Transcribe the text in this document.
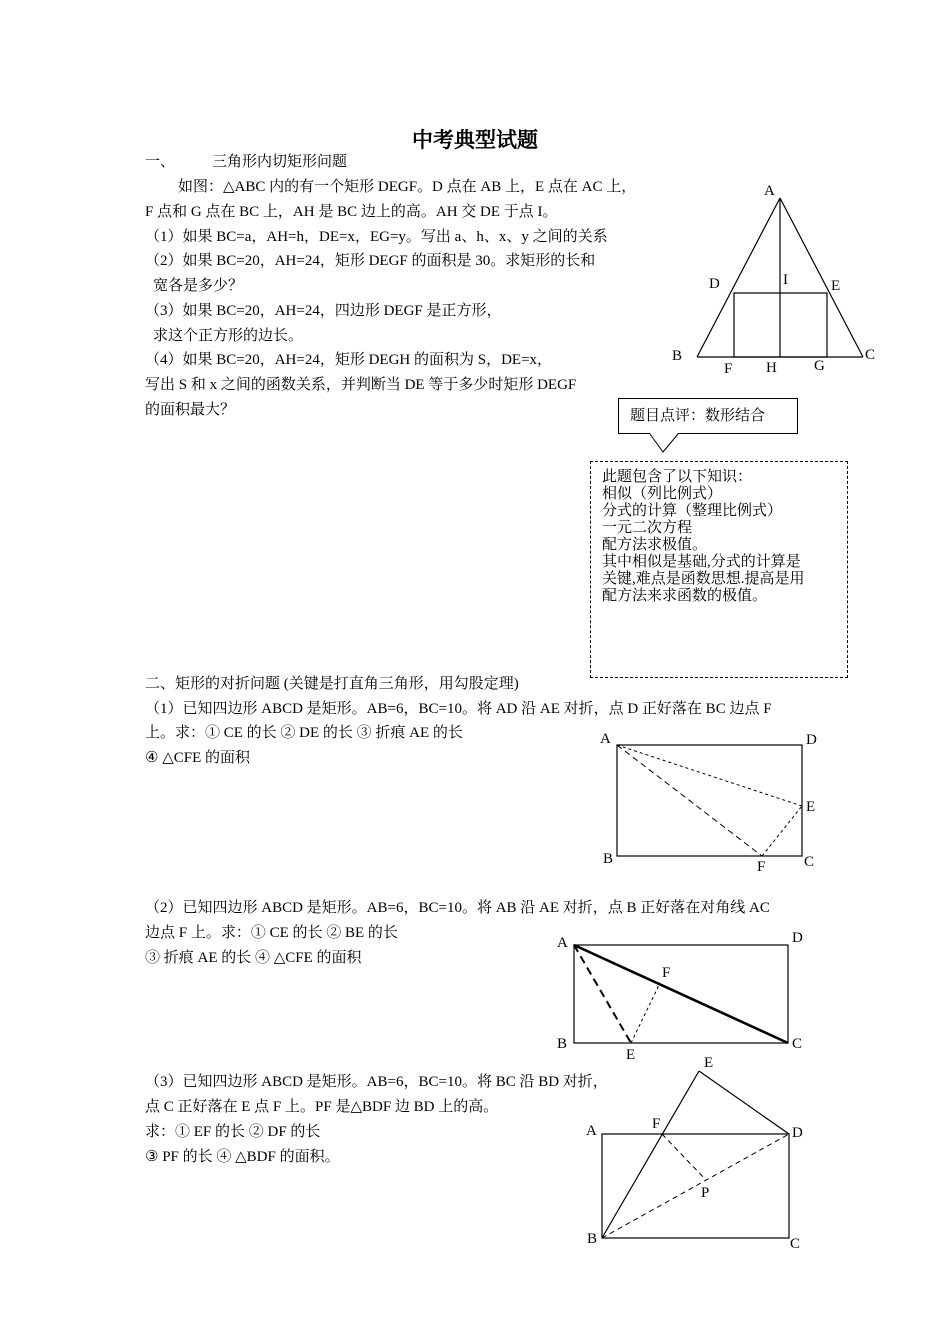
中考典型试题
一、 三角形内切矩形问题
如图：△ABC 内的有一个矩形 DEGF。D 点在 AB 上，E 点在 AC 上，
F 点和 G 点在 BC 上，AH 是 BC 边上的高。AH 交 DE 于点 I。
（1）如果 BC=a，AH=h，DE=x，EG=y。写出 a、h、x、y 之间的关系
（2）如果 BC=20，AH=24，矩形 DEGF 的面积是 30。求矩形的长和
宽各是多少？
（3）如果 BC=20，AH=24，四边形 DEGF 是正方形，
求这个正方形的边长。
（4）如果 BC=20，AH=24，矩形 DEGH 的面积为 S，DE=x，
写出 S 和 x 之间的函数关系，并判断当 DE 等于多少时矩形 DEGF
的面积最大？	题目点评：数形结合
此题包含了以下知识：
相似（列比例式）
分式的计算（整理比例式）
一元二次方程
配方法求极值。
其中相似是基础,分式的计算是
关键,难点是函数思想.提高是用
配方法来求函数的极值。
二、矩形的对折问题 (关键是打直角三角形，用勾股定理)
（1）已知四边形 ABCD 是矩形。AB=6，BC=10。将 AD 沿 AE 对折，点 D 正好落在 BC 边点 F
上。求：① CE 的长 ② DE 的长 ③ 折痕 AE 的长
④ △CFE 的面积
（2）已知四边形 ABCD 是矩形。AB=6，BC=10。将 AB 沿 AE 对折，点 B 正好落在对角线 AC
边点 F 上。求：① CE 的长 ② BE 的长
③ 折痕 AE 的长 ④ △CFE 的面积
（3）已知四边形 ABCD 是矩形。AB=6，BC=10。将 BC 沿 BD 对折，
点 C 正好落在 E 点 F 上。PF 是△BDF 边 BD 上的高。
求：① EF 的长 ② DF 的长
③ PF 的长 ④ △BDF 的面积。
A
B	C
D	E
F	G
H
I
A	D
E
B	C
F
A	D
F
B	C
E	E
A	F
D
P
B	C
